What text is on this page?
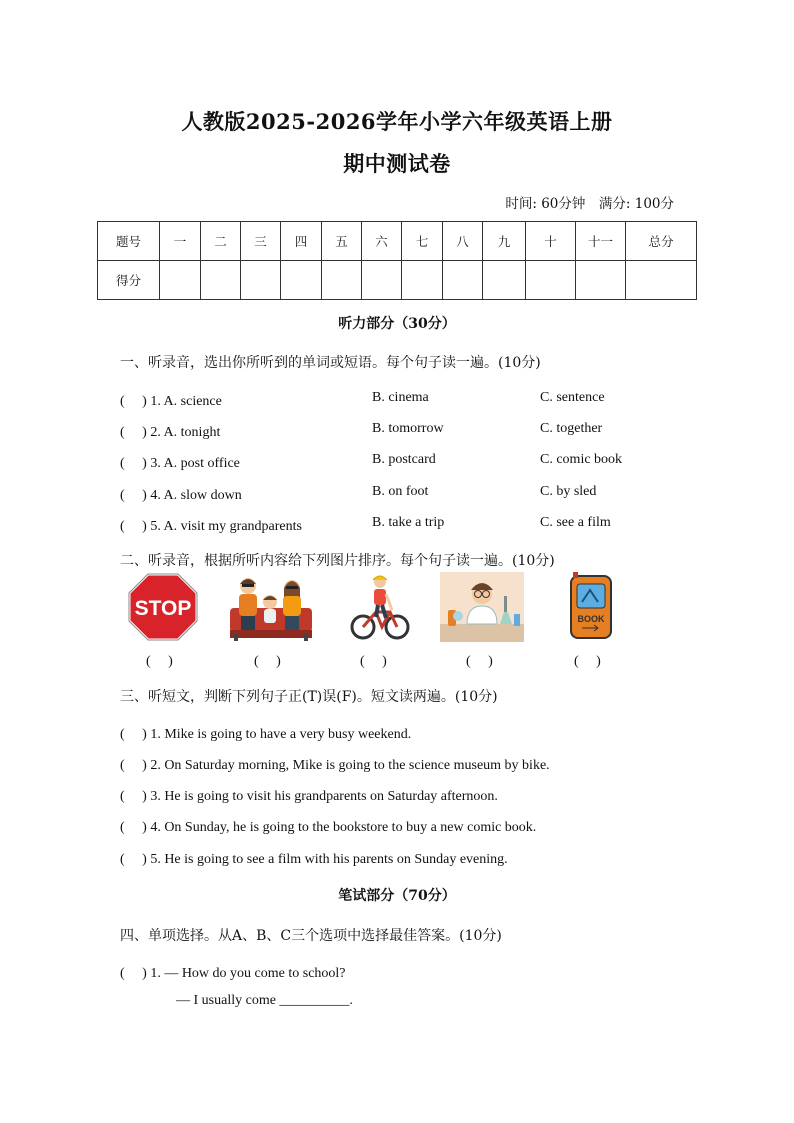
人教版2025-2026学年小学六年级英语上册
期中测试卷
时间: 60分钟　满分: 100分
题号	一	二	三	四	五	六	七	八	九	十	十一	总分
得分												
听力部分（30分）
一、听录音，选出你所听到的单词或短语。每个句子读一遍。(10分)
(　 ) 1. A. science	B. cinema	C. sentence
(　 ) 2. A. tonight	B. tomorrow	C. together
(　 ) 3. A. post office	B. postcard	C. comic book
(　 ) 4. A. slow down	B. on foot	C. by sled
(　 ) 5. A. visit my grandparents	B. take a trip	C. see a film
二、听录音，根据所听内容给下列图片排序。每个句子读一遍。(10分)
STOP	BOOK
(　 )	(　 )	(　 )	(　 )	(　 )
三、听短文，判断下列句子正(T)误(F)。短文读两遍。(10分)
(　 ) 1. Mike is going to have a very busy weekend.
(　 ) 2. On Saturday morning, Mike is going to the science museum by bike.
(　 ) 3. He is going to visit his grandparents on Saturday afternoon.
(　 ) 4. On Sunday, he is going to the bookstore to buy a new comic book.
(　 ) 5. He is going to see a film with his parents on Sunday evening.
笔试部分（70分）
四、单项选择。从A、B、C三个选项中选择最佳答案。(10分)
(　 ) 1. — How do you come to school?
— I usually come __________.
